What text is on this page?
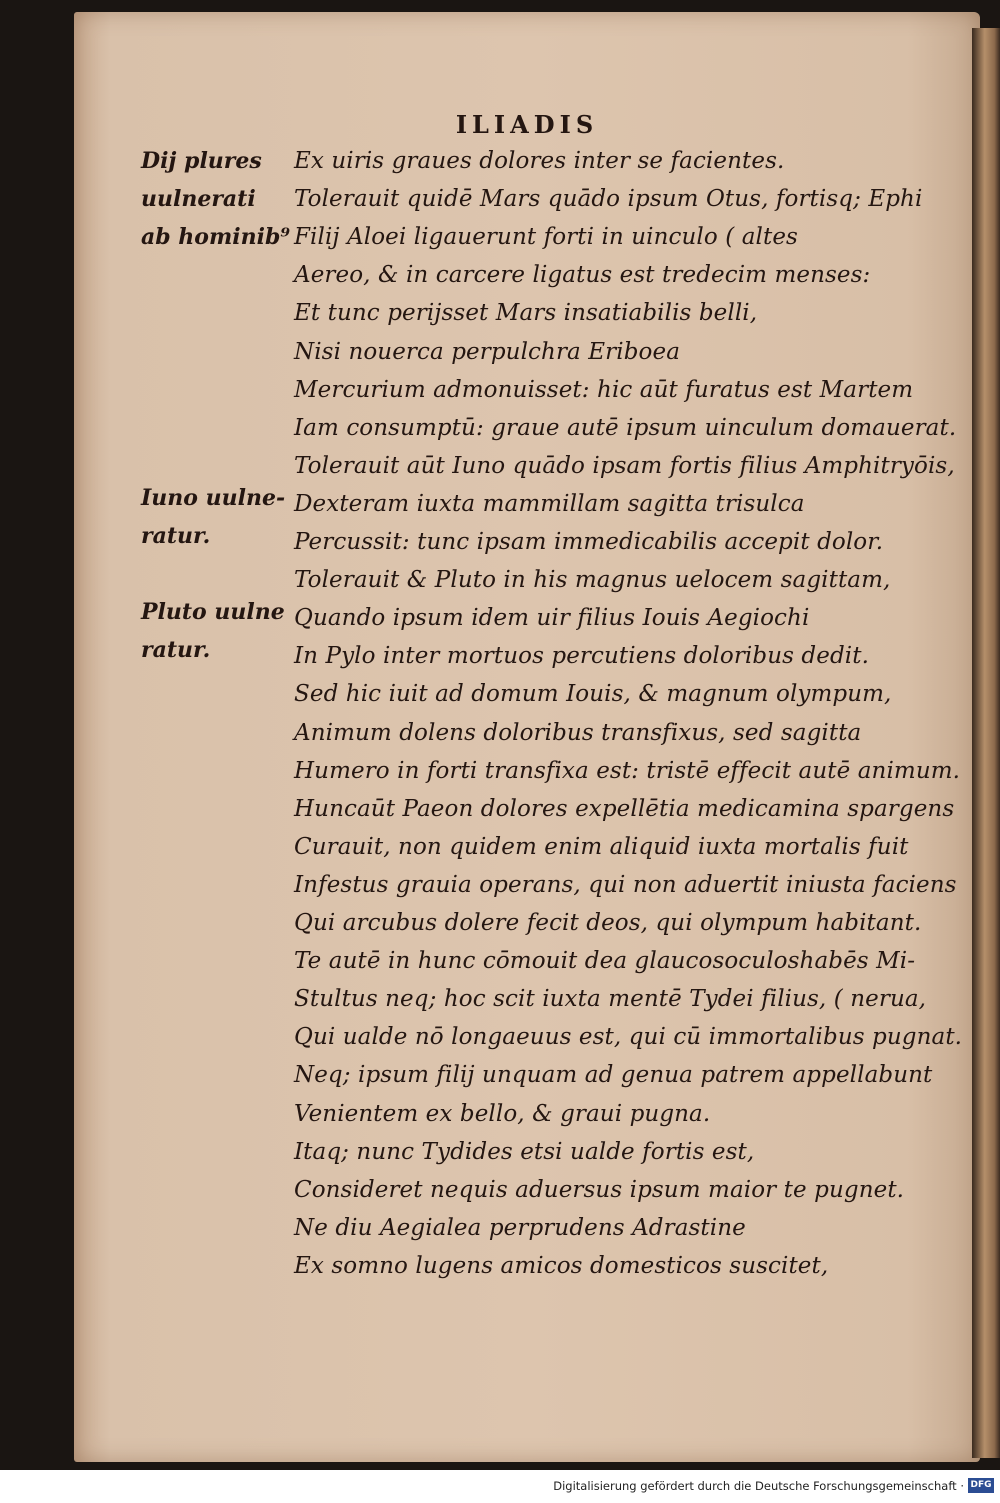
ILIADIS
Dij plures
uulnerati
ab hominib⁹
Iuno uulne-
ratur.
Pluto uulne
ratur.
Ex uiris graues dolores inter se facientes.
Tolerauit quidē Mars quādo ipsum Otus, fortisq; Ephi
Filij Aloei ligauerunt forti in uinculo ( altes
Aereo, & in carcere ligatus est tredecim menses:
Et tunc perijsset Mars insatiabilis belli,
Nisi nouerca perpulchra Eriboea
Mercurium admonuisset: hic aūt furatus est Martem
Iam consumptū: graue autē ipsum uinculum domauerat.
Tolerauit aūt Iuno quādo ipsam fortis filius Amphitryōis,
Dexteram iuxta mammillam sagitta trisulca
Percussit: tunc ipsam immedicabilis accepit dolor.
Tolerauit & Pluto in his magnus uelocem sagittam,
Quando ipsum idem uir filius Iouis Aegiochi
In Pylo inter mortuos percutiens doloribus dedit.
Sed hic iuit ad domum Iouis, & magnum olympum,
Animum dolens doloribus transfixus, sed sagitta
Humero in forti transfixa est: tristē effecit autē animum.
Huncaūt Paeon dolores expellētia medicamina spargens
Curauit, non quidem enim aliquid iuxta mortalis fuit
Infestus grauia operans, qui non aduertit iniusta faciens
Qui arcubus dolere fecit deos, qui olympum habitant.
Te autē in hunc cōmouit dea glaucosoculoshabēs Mi-
Stultus neq; hoc scit iuxta mentē Tydei filius, ( nerua,
Qui ualde nō longaeuus est, qui cū immortalibus pugnat.
Neq; ipsum filij unquam ad genua patrem appellabunt
Venientem ex bello, & graui pugna.
Itaq; nunc Tydides etsi ualde fortis est,
Consideret nequis aduersus ipsum maior te pugnet.
Ne diu Aegialea perprudens Adrastine
Ex somno lugens amicos domesticos suscitet,
Digitalisierung gefördert durch die Deutsche Forschungsgemeinschaft · DFG
